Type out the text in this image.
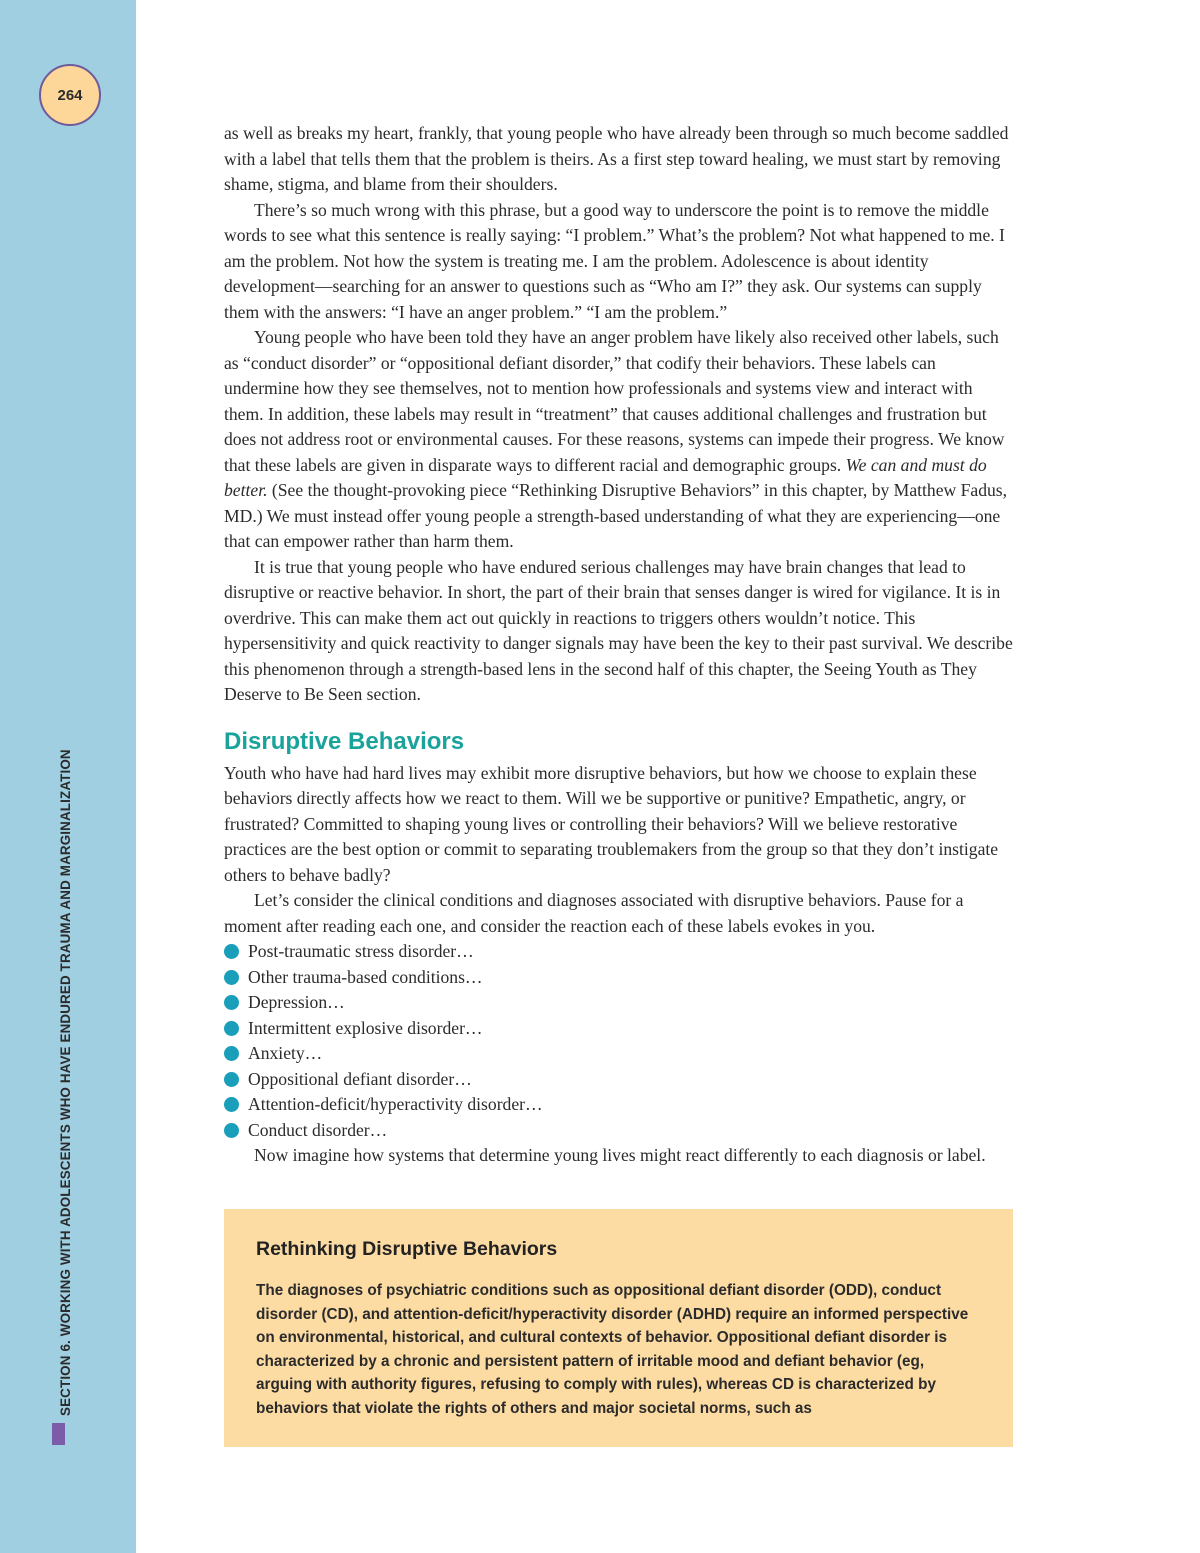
264
SECTION 6. WORKING WITH ADOLESCENTS WHO HAVE ENDURED TRAUMA AND MARGINALIZATION

as well as breaks my heart, frankly, that young people who have already been through so much become saddled with a label that tells them that the problem is theirs. As a first step toward healing, we must start by removing shame, stigma, and blame from their shoulders.

There’s so much wrong with this phrase, but a good way to underscore the point is to remove the middle words to see what this sentence is really saying: “I problem.” What’s the problem? Not what happened to me. I am the problem. Not how the system is treating me. I am the problem. Adolescence is about identity development—searching for an answer to questions such as “Who am I?” they ask. Our systems can supply them with the answers: “I have an anger problem.” “I am the problem.”

Young people who have been told they have an anger problem have likely also received other labels, such as “conduct disorder” or “oppositional defiant disorder,” that codify their behaviors. These labels can undermine how they see themselves, not to mention how professionals and systems view and interact with them. In addition, these labels may result in “treatment” that causes additional challenges and frustration but does not address root or environmental causes. For these reasons, systems can impede their progress. We know that these labels are given in disparate ways to different racial and demographic groups. We can and must do better. (See the thought-provoking piece “Rethinking Disruptive Behaviors” in this chapter, by Matthew Fadus, MD.) We must instead offer young people a strength-based understanding of what they are experiencing—one that can empower rather than harm them.

It is true that young people who have endured serious challenges may have brain changes that lead to disruptive or reactive behavior. In short, the part of their brain that senses danger is wired for vigilance. It is in overdrive. This can make them act out quickly in reactions to triggers others wouldn’t notice. This hypersensitivity and quick reactivity to danger signals may have been the key to their past survival. We describe this phenomenon through a strength-based lens in the second half of this chapter, the Seeing Youth as They Deserve to Be Seen section.

Disruptive Behaviors

Youth who have had hard lives may exhibit more disruptive behaviors, but how we choose to explain these behaviors directly affects how we react to them. Will we be supportive or punitive? Empathetic, angry, or frustrated? Committed to shaping young lives or controlling their behaviors? Will we believe restorative practices are the best option or commit to separating troublemakers from the group so that they don’t instigate others to behave badly?

Let’s consider the clinical conditions and diagnoses associated with disruptive behaviors. Pause for a moment after reading each one, and consider the reaction each of these labels evokes in you.

Post-traumatic stress disorder…
Other trauma-based conditions…
Depression…
Intermittent explosive disorder…
Anxiety…
Oppositional defiant disorder…
Attention-deficit/hyperactivity disorder…
Conduct disorder…

Now imagine how systems that determine young lives might react differently to each diagnosis or label.

Rethinking Disruptive Behaviors

The diagnoses of psychiatric conditions such as oppositional defiant disorder (ODD), conduct disorder (CD), and attention-deficit/hyperactivity disorder (ADHD) require an informed perspective on environmental, historical, and cultural contexts of behavior. Oppositional defiant disorder is characterized by a chronic and persistent pattern of irritable mood and defiant behavior (eg, arguing with authority figures, refusing to comply with rules), whereas CD is characterized by behaviors that violate the rights of others and major societal norms, such as
